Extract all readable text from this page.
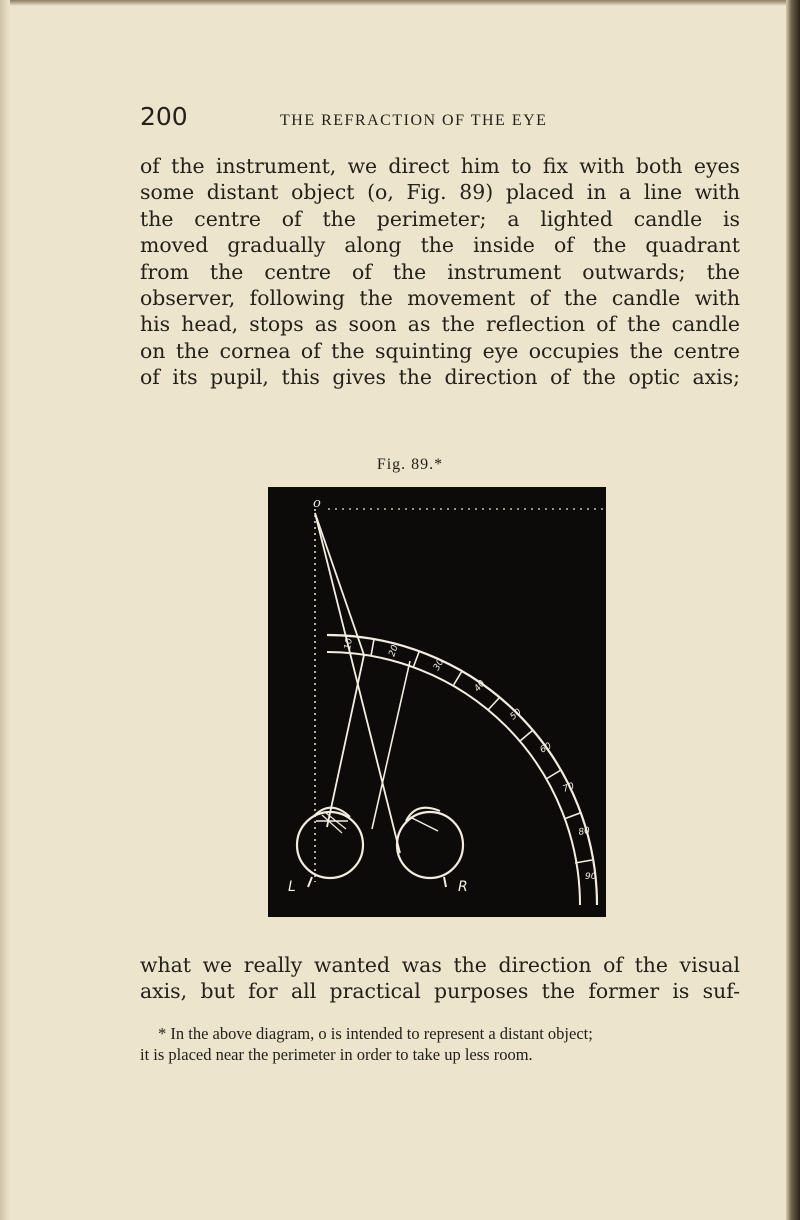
200	THE REFRACTION OF THE EYE
of the instrument, we direct him to fix with both eyes
some distant object (o, Fig. 89) placed in a line with
the centre of the perimeter; a lighted candle is
moved gradually along the inside of the quadrant
from the centre of the instrument outwards; the
observer, following the movement of the candle with
his head, stops as soon as the reflection of the candle
on the cornea of the squinting eye occupies the centre
of its pupil, this gives the direction of the optic axis;
Fig. 89.*
10	20
30
40
50
60
70
80
90
o
L	R
what we really wanted was the direction of the visual
axis, but for all practical purposes the former is suf-
* In the above diagram, o is intended to represent a distant object;
it is placed near the perimeter in order to take up less room.
